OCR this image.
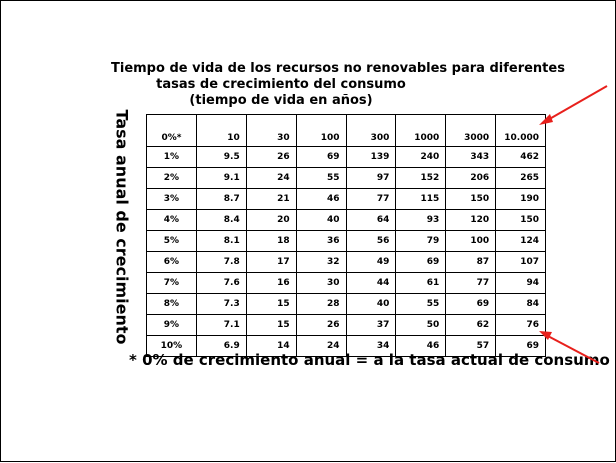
Tiempo de vida de los recursos no renovables para diferentes
tasas de crecimiento del consumo
(tiempo de vida en años)
Tasa anual de crecimiento	0%*	10	30	100	300	1000	3000	10.000
1%	9.5	26	69	139	240	343	462
2%	9.1	24	55	97	152	206	265
3%	8.7	21	46	77	115	150	190
4%	8.4	20	40	64	93	120	150
5%	8.1	18	36	56	79	100	124
6%	7.8	17	32	49	69	87	107
7%	7.6	16	30	44	61	77	94
8%	7.3	15	28	40	55	69	84
9%	7.1	15	26	37	50	62	76
10%	6.9	14	24	34	46	57	69
* 0% de crecimiento anual = a la tasa actual de consumo
